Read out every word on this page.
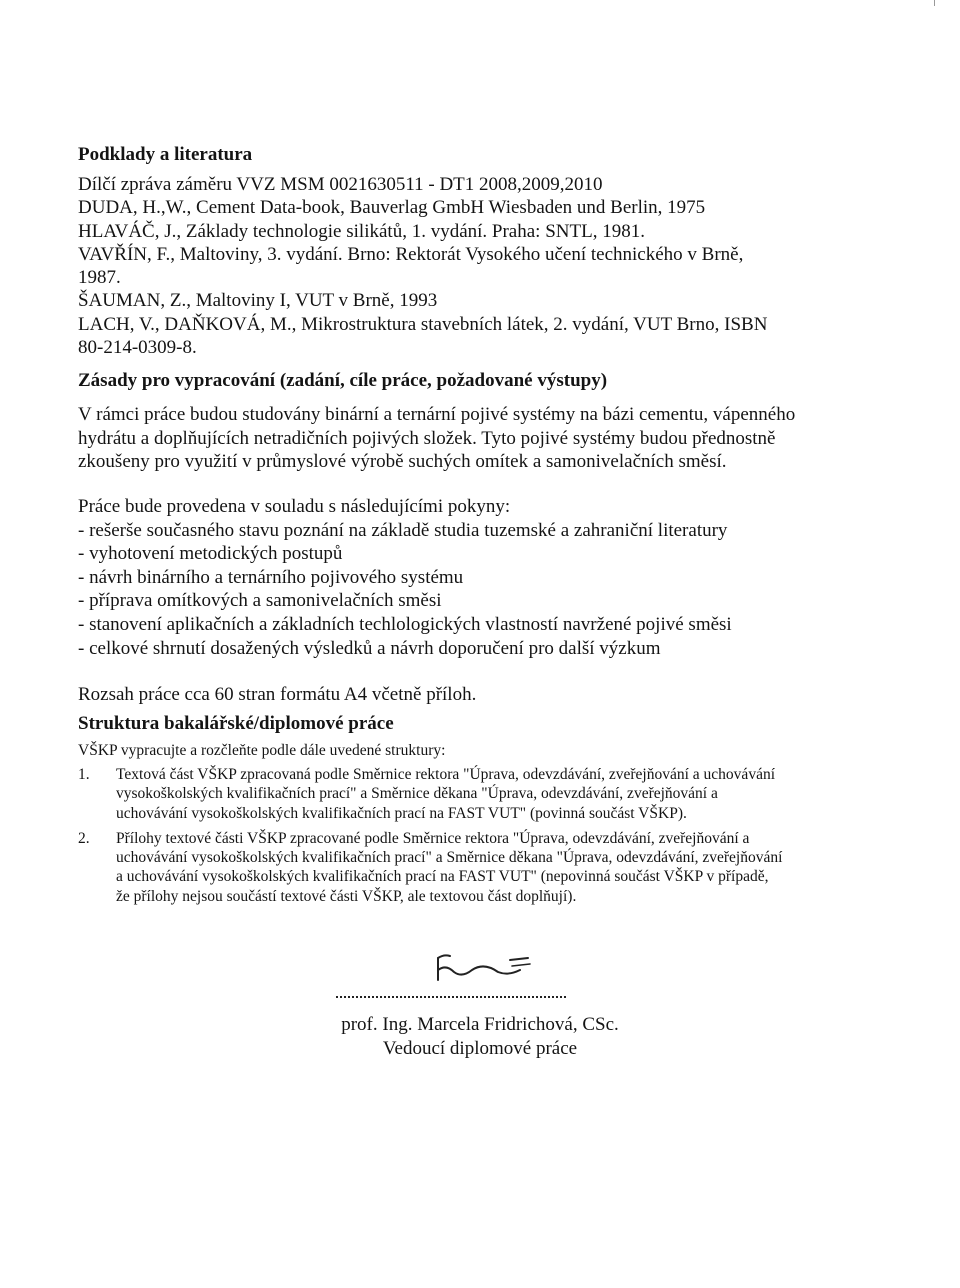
Podklady a literatura
Dílčí zpráva záměru VVZ MSM 0021630511 - DT1 2008,2009,2010
DUDA, H.,W., Cement Data-book, Bauverlag GmbH Wiesbaden und Berlin, 1975
HLAVÁČ, J., Základy technologie silikátů, 1. vydání. Praha: SNTL, 1981.
VAVŘÍN, F., Maltoviny, 3. vydání. Brno: Rektorát Vysokého učení technického v Brně,
1987.
ŠAUMAN, Z., Maltoviny I, VUT v Brně, 1993
LACH, V., DAŇKOVÁ, M., Mikrostruktura stavebních látek, 2. vydání, VUT Brno, ISBN
80-214-0309-8.
Zásady pro vypracování (zadání, cíle práce, požadované výstupy)
V rámci práce budou studovány binární a ternární pojivé systémy na bázi cementu, vápenného
hydrátu a doplňujících netradičních pojivých složek. Tyto pojivé systémy budou přednostně
zkoušeny pro využití v průmyslové výrobě suchých omítek a samonivelačních směsí.
Práce bude provedena v souladu s následujícími pokyny:
- rešerše současného stavu poznání na základě studia tuzemské a zahraniční literatury
- vyhotovení metodických postupů
- návrh binárního a ternárního pojivového systému
- příprava omítkových a samonivelačních směsi
- stanovení aplikačních a základních techlologických vlastností navržené pojivé směsi
- celkové shrnutí dosažených výsledků a návrh doporučení pro další výzkum
Rozsah práce cca 60 stran formátu A4 včetně příloh.
Struktura bakalářské/diplomové práce
VŠKP vypracujte a rozčleňte podle dále uvedené struktury:
1. Textová část VŠKP zpracovaná podle Směrnice rektora "Úprava, odevzdávání, zveřejňování a uchovávání
vysokoškolských kvalifikačních prací" a Směrnice děkana "Úprava, odevzdávání, zveřejňování a
uchovávání vysokoškolských kvalifikačních prací na FAST VUT" (povinná součást VŠKP).
2. Přílohy textové části VŠKP zpracované podle Směrnice rektora "Úprava, odevzdávání, zveřejňování a
uchovávání vysokoškolských kvalifikačních prací" a Směrnice děkana "Úprava, odevzdávání, zveřejňování
a uchovávání vysokoškolských kvalifikačních prací na FAST VUT" (nepovinná součást VŠKP v případě,
že přílohy nejsou součástí textové části VŠKP, ale textovou část doplňují).
prof. Ing. Marcela Fridrichová, CSc.
Vedoucí diplomové práce
